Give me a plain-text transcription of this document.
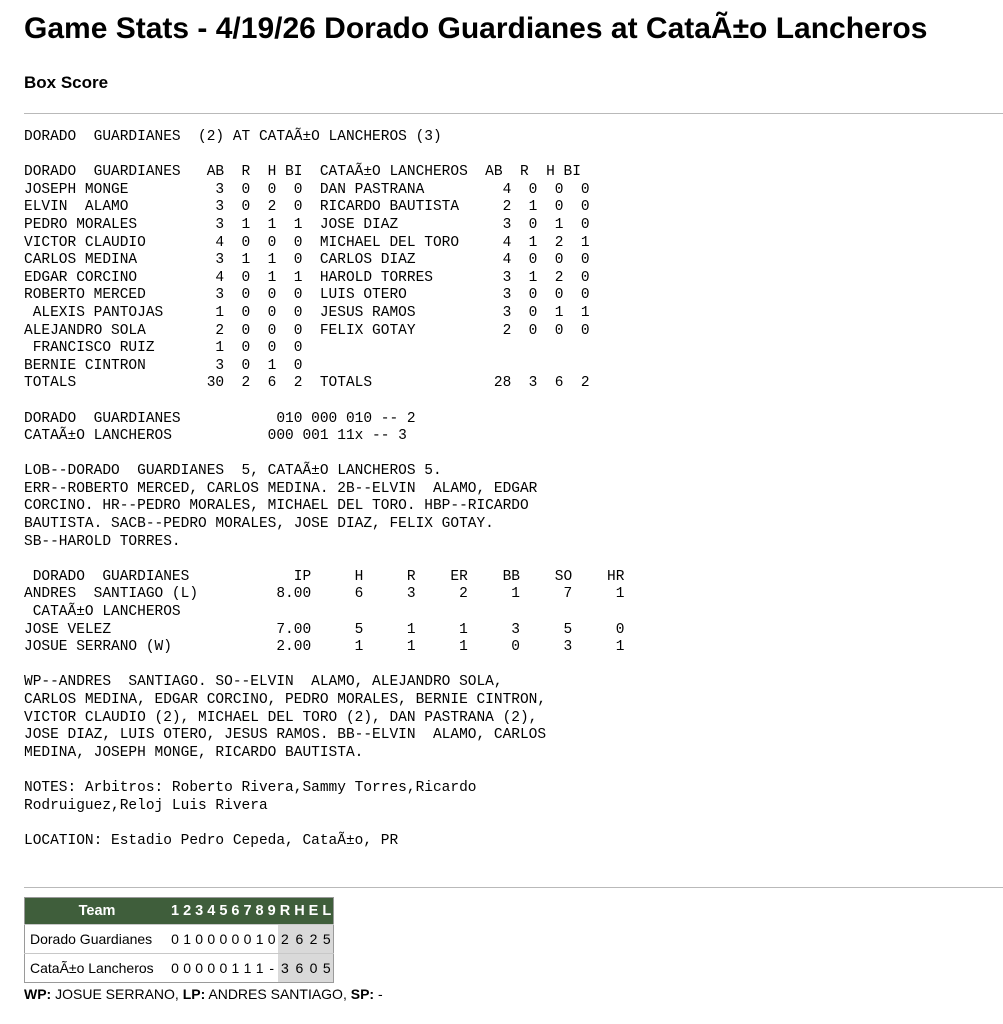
Game Stats - 4/19/26 Dorado Guardianes at CataÃ±o Lancheros
Box Score
DORADO  GUARDIANES  (2) AT CATAÃ±O LANCHEROS (3)

DORADO  GUARDIANES   AB  R  H BI  CATAÃ±O LANCHEROS  AB  R  H BI
JOSEPH MONGE          3  0  0  0  DAN PASTRANA         4  0  0  0
ELVIN  ALAMO          3  0  2  0  RICARDO BAUTISTA     2  1  0  0
PEDRO MORALES         3  1  1  1  JOSE DIAZ            3  0  1  0
VICTOR CLAUDIO        4  0  0  0  MICHAEL DEL TORO     4  1  2  1
CARLOS MEDINA         3  1  1  0  CARLOS DIAZ          4  0  0  0
EDGAR CORCINO         4  0  1  1  HAROLD TORRES        3  1  2  0
ROBERTO MERCED        3  0  0  0  LUIS OTERO           3  0  0  0
ALEXIS PANTOJAS      1  0  0  0  JESUS RAMOS          3  0  1  1
ALEJANDRO SOLA        2  0  0  0  FELIX GOTAY          2  0  0  0
FRANCISCO RUIZ       1  0  0  0
BERNIE CINTRON        3  0  1  0
TOTALS               30  2  6  2  TOTALS              28  3  6  2

DORADO  GUARDIANES           010 000 010 -- 2
CATAÃ±O LANCHEROS           000 001 11x -- 3

LOB--DORADO  GUARDIANES  5, CATAÃ±O LANCHEROS 5.
ERR--ROBERTO MERCED, CARLOS MEDINA. 2B--ELVIN  ALAMO, EDGAR
CORCINO. HR--PEDRO MORALES, MICHAEL DEL TORO. HBP--RICARDO
BAUTISTA. SACB--PEDRO MORALES, JOSE DIAZ, FELIX GOTAY.
SB--HAROLD TORRES.

DORADO  GUARDIANES            IP     H     R    ER    BB    SO    HR
ANDRES  SANTIAGO (L)         8.00     6     3     2     1     7     1
CATAÃ±O LANCHEROS
JOSE VELEZ                   7.00     5     1     1     3     5     0
JOSUE SERRANO (W)            2.00     1     1     1     0     3     1

WP--ANDRES  SANTIAGO. SO--ELVIN  ALAMO, ALEJANDRO SOLA,
CARLOS MEDINA, EDGAR CORCINO, PEDRO MORALES, BERNIE CINTRON,
VICTOR CLAUDIO (2), MICHAEL DEL TORO (2), DAN PASTRANA (2),
JOSE DIAZ, LUIS OTERO, JESUS RAMOS. BB--ELVIN  ALAMO, CARLOS
MEDINA, JOSEPH MONGE, RICARDO BAUTISTA.

NOTES: Arbitros: Roberto Rivera,Sammy Torres,Ricardo
Rodruiguez,Reloj Luis Rivera

LOCATION: Estadio Pedro Cepeda, CataÃ±o, PR
Team	1	2	3	4	5	6	7	8	9	R	H	E	L
Dorado Guardianes	0	1	0	0	0	0	0	1	0	2	6	2	5
CataÃ±o Lancheros	0	0	0	0	0	1	1	1	-	3	6	0	5
WP: JOSUE SERRANO, LP: ANDRES SANTIAGO, SP: -
